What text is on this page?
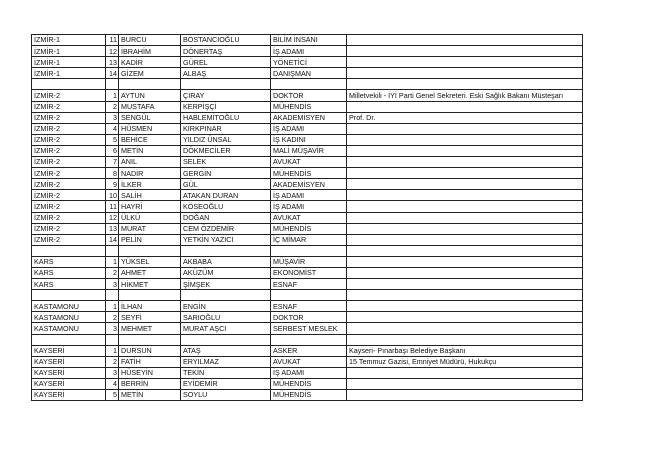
İZMİR-1	11	BURCU	BOSTANCIOĞLU	BİLİM İNSANI	
İZMİR-1	12	İBRAHİM	DÖNERTAŞ	İŞ ADAMI	
İZMİR-1	13	KADİR	GÜREL	YÖNETİCİ	
İZMİR-1	14	GİZEM	ALBAŞ	DANIŞMAN	

İZMİR-2	1	AYTUN	ÇIRAY	DOKTOR	Milletvekili - İYİ Parti Genel Sekreteri. Eski Sağlık Bakanı Müsteşarı
İZMİR-2	2	MUSTAFA	KERPİŞÇİ	MÜHENDİS	
İZMİR-2	3	SENGÜL	HABLEMİTOĞLU	AKADEMİSYEN	Prof. Dr.
İZMİR-2	4	HÜSMEN	KIRKPINAR	İŞ ADAMI	
İZMİR-2	5	BEHİCE	YILDIZ ÜNSAL	İŞ KADINI	
İZMİR-2	6	METİN	DÖKMECİLER	MALİ MÜŞAVİR	
İZMİR-2	7	ANIL	SELEK	AVUKAT	
İZMİR-2	8	NADİR	GERGİN	MÜHENDİS	
İZMİR-2	9	İLKER	GÜL	AKADEMİSYEN	
İZMİR-2	10	SALİH	ATAKAN DURAN	İŞ ADAMI	
İZMİR-2	11	HAYRİ	KÖSEOĞLU	İŞ ADAMI	
İZMİR-2	12	ÜLKÜ	DOĞAN	AVUKAT	
İZMİR-2	13	MURAT	CEM ÖZDEMİR	MÜHENDİS	
İZMİR-2	14	PELİN	YETKİN YAZICI	İÇ MİMAR	

KARS	1	YÜKSEL	AKBABA	MÜŞAVİR	
KARS	2	AHMET	AKÜZÜM	EKONOMİST	
KARS	3	HİKMET	ŞİMŞEK	ESNAF	

KASTAMONU	1	İLHAN	ENGİN	ESNAF	
KASTAMONU	2	SEYFİ	SARIOĞLU	DOKTOR	
KASTAMONU	3	MEHMET	MURAT AŞCI	SERBEST MESLEK	

KAYSERİ	1	DURSUN	ATAŞ	ASKER	Kayseri- Pınarbaşı Belediye Başkanı
KAYSERİ	2	FATİH	ERYILMAZ	AVUKAT	15 Temmuz Gazisi, Emniyet Müdürü, Hukukçu
KAYSERİ	3	HÜSEYİN	TEKİN	İŞ ADAMI	
KAYSERİ	4	BERRİN	EYİDEMİR	MÜHENDİS	
KAYSERİ	5	METİN	SOYLU	MÜHENDİS	
